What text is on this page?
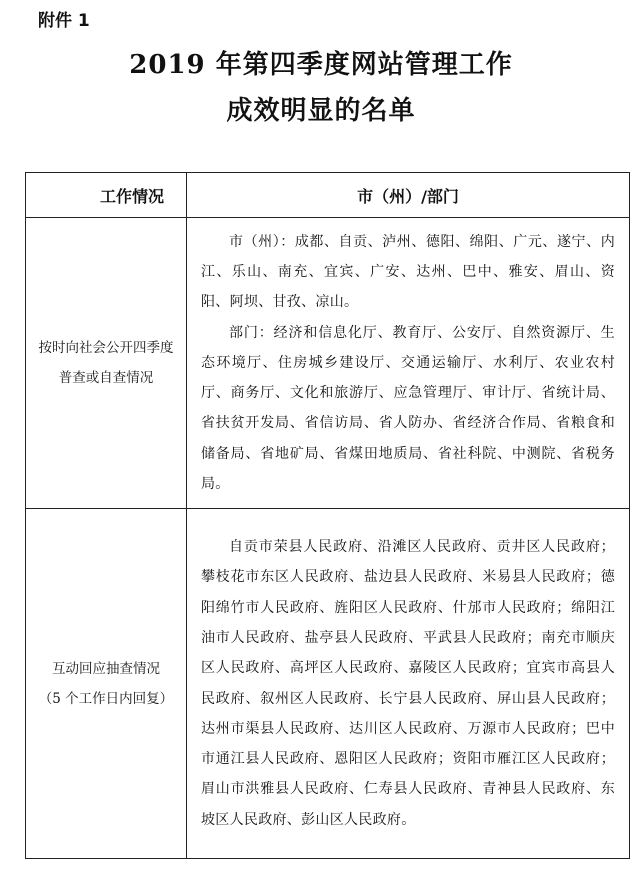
附件 1
2019 年第四季度网站管理工作
成效明显的名单
工作情况	市（州）/部门
按时向社会公开四季度普查或自查情况	市（州）：成都、自贡、泸州、德阳、绵阳、广元、遂宁、内江、乐山、南充、宜宾、广安、达州、巴中、雅安、眉山、资阳、阿坝、甘孜、凉山。

部门：经济和信息化厅、教育厅、公安厅、自然资源厅、生态环境厅、住房城乡建设厅、交通运输厅、水利厅、农业农村厅、商务厅、文化和旅游厅、应急管理厅、审计厅、省统计局、省扶贫开发局、省信访局、省人防办、省经济合作局、省粮食和储备局、省地矿局、省煤田地质局、省社科院、中测院、省税务局。

互动回应抽查情况
（5 个工作日内回复）	自贡市荣县人民政府、沿滩区人民政府、贡井区人民政府；攀枝花市东区人民政府、盐边县人民政府、米易县人民政府；德阳绵竹市人民政府、旌阳区人民政府、什邡市人民政府；绵阳江油市人民政府、盐亭县人民政府、平武县人民政府；南充市顺庆区人民政府、高坪区人民政府、嘉陵区人民政府；宜宾市高县人民政府、叙州区人民政府、长宁县人民政府、屏山县人民政府；达州市渠县人民政府、达川区人民政府、万源市人民政府；巴中市通江县人民政府、恩阳区人民政府；资阳市雁江区人民政府；眉山市洪雅县人民政府、仁寿县人民政府、青神县人民政府、东坡区人民政府、彭山区人民政府。
